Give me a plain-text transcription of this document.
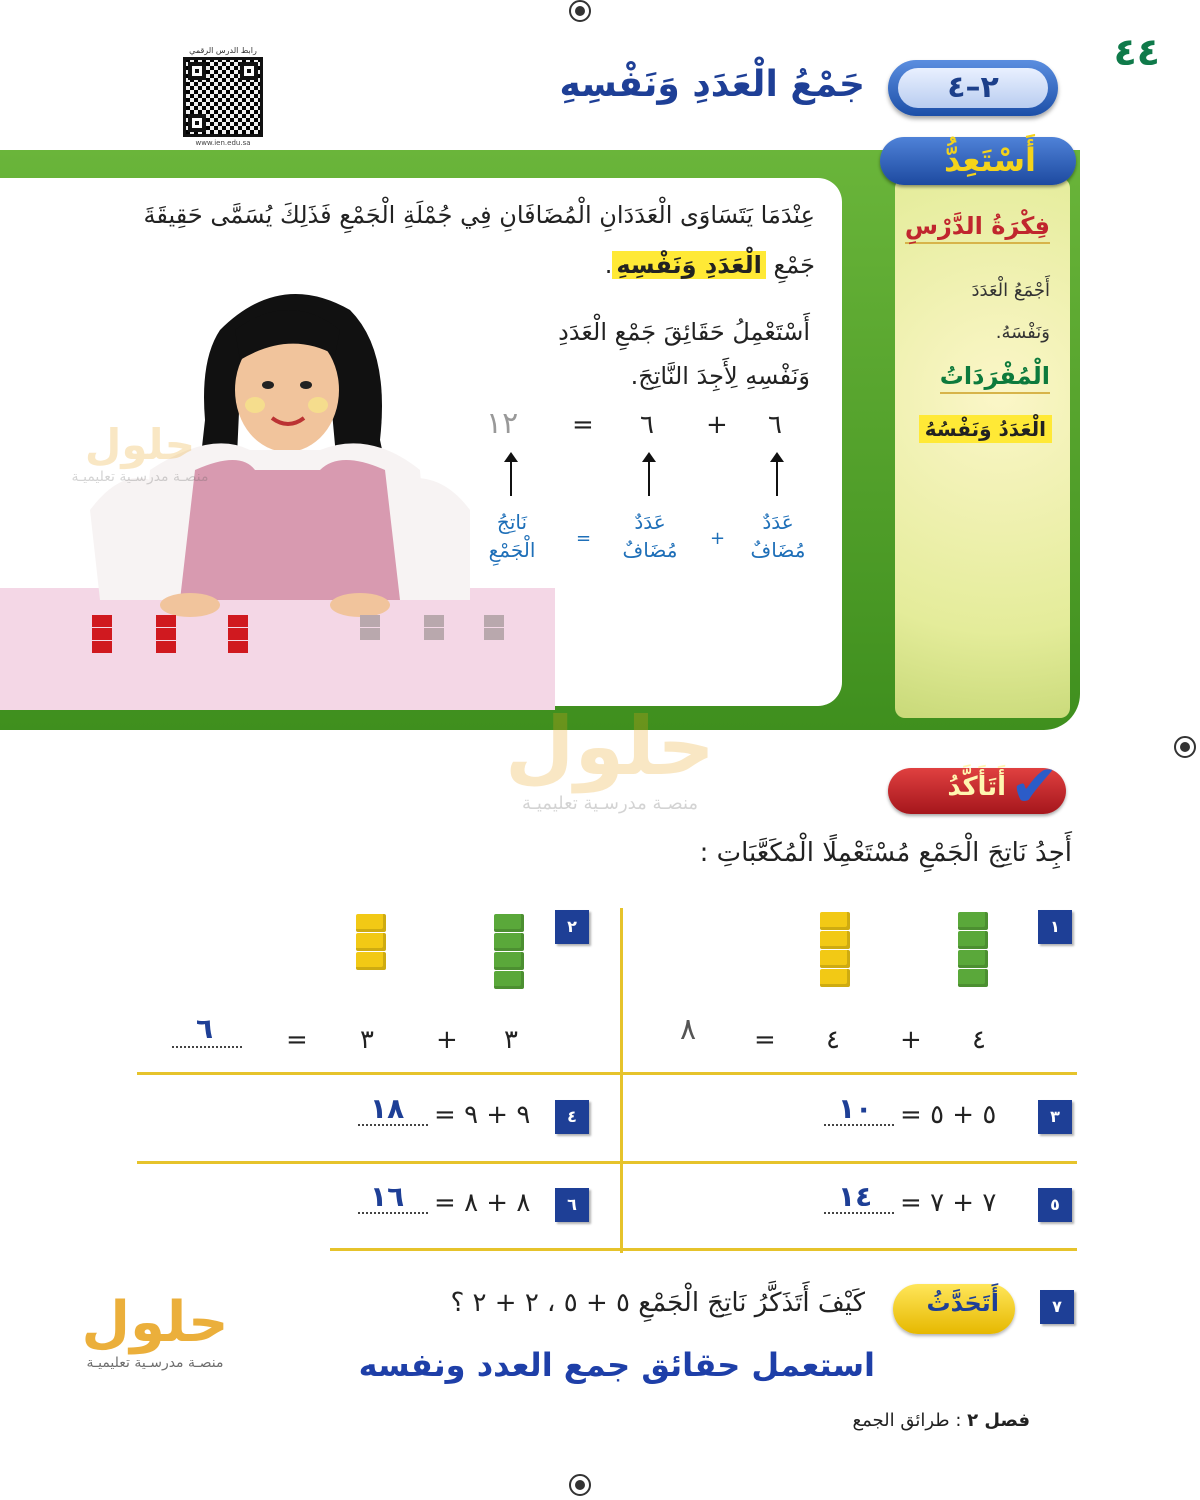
٤٤
رابط الدرس الرقمي
www.ien.edu.sa
٢–٤
جَمْعُ الْعَدَدِ وَنَفْسِهِ
أَسْتَعِدُّ
فِكْرَةُ الدَّرْسِ
أَجْمَعُ الْعَدَدَ
وَنَفْسَهُ.
الْمُفْرَدَاتُ
الْعَدَدُ وَنَفْسُهُ
عِنْدَمَا يَتَسَاوَى الْعَدَدَانِ الْمُضَافَانِ فِي جُمْلَةِ الْجَمْعِ فَذَلِكَ يُسَمَّى حَقِيقَةَ جَمْعِ الْعَدَدِ وَنَفْسِهِ.
أَسْتَعْمِلُ حَقَائِقَ جَمْعِ الْعَدَدِ وَنَفْسِهِ لِأَجِدَ النَّاتِجَ.
٦
+
٦
=
١٢
عَدَدٌ مُضَافٌ
+
عَدَدٌ مُضَافٌ
=
نَاتِجُ الْجَمْعِ
حلول
منصـة مدرسـية تعليميـة
حلول
منصـة مدرسـية تعليميـة
حلول
منصـة مدرسـية تعليميـة
أَتَأَكَّدُ ✔
أَجِدُ نَاتِجَ الْجَمْعِ مُسْتَعْمِلًا الْمُكَعَّبَاتِ :
١
٤
+
٤
=
٨
٢
٣
+
٣
=
٦
٣
٥ + ٥ =
١٠
٤
٩ + ٩ =
١٨
٥
٧ + ٧ =
١٤
٦
٨ + ٨ =
١٦
٧
أَتَحَدَّثُ
كَيْفَ أَتَذَكَّرُ نَاتِجَ الْجَمْعِ ٥ + ٥ ، ٢ + ٢ ؟
استعمل حقائق جمع العدد ونفسه
فصل ٢ : طرائق الجمع
